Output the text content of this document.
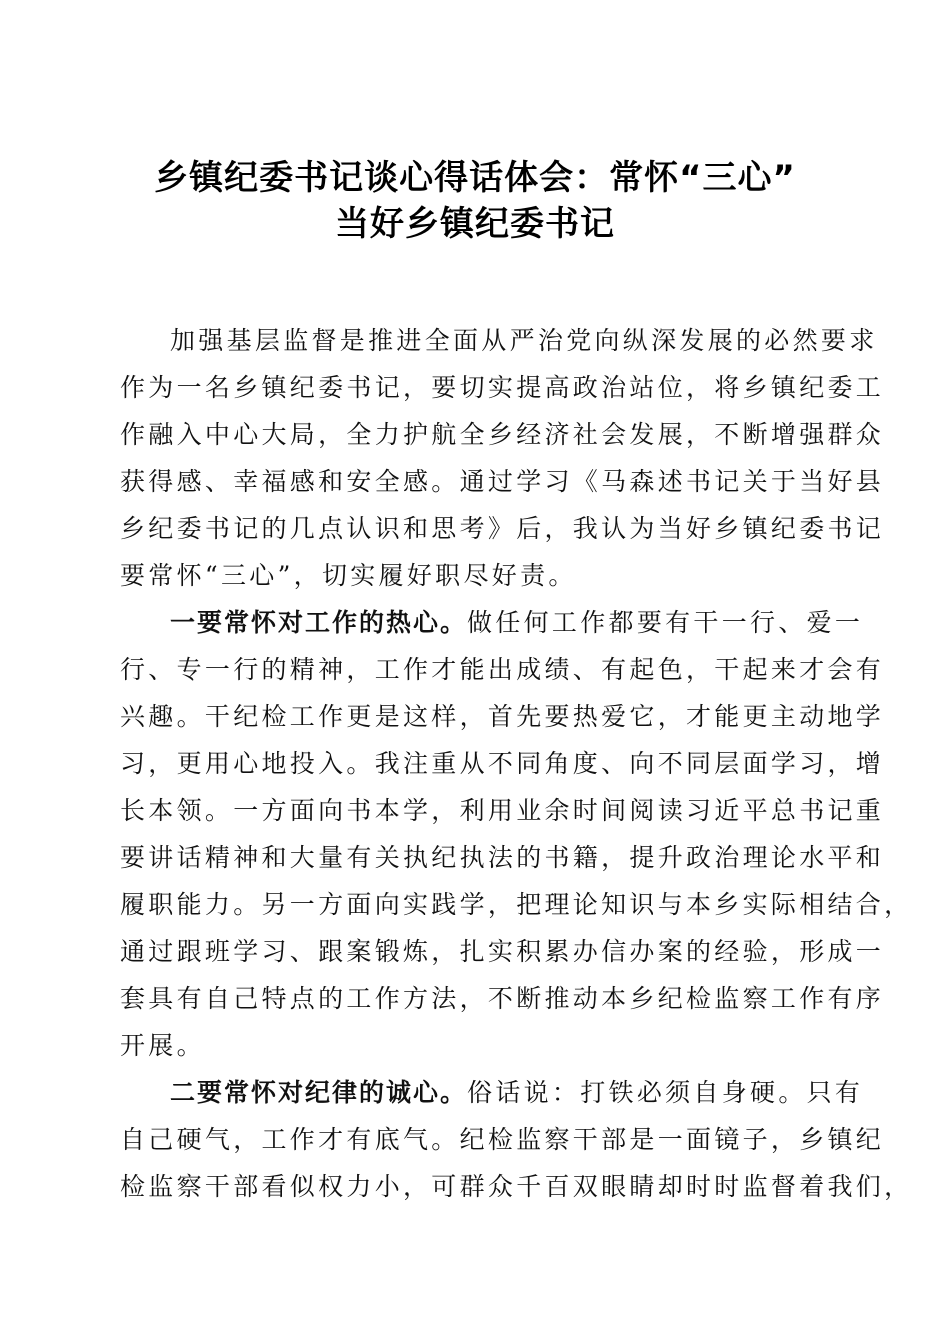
乡镇纪委书记谈心得话体会：常怀“三心”
当好乡镇纪委书记
加强基层监督是推进全面从严治党向纵深发展的必然要求
作为一名乡镇纪委书记，要切实提高政治站位，将乡镇纪委工
作融入中心大局，全力护航全乡经济社会发展，不断增强群众
获得感、幸福感和安全感。通过学习《马森述书记关于当好县
乡纪委书记的几点认识和思考》后，我认为当好乡镇纪委书记
要常怀“三心”，切实履好职尽好责。
一要常怀对工作的热心。做任何工作都要有干一行、爱一
行、专一行的精神，工作才能出成绩、有起色，干起来才会有
兴趣。干纪检工作更是这样，首先要热爱它，才能更主动地学
习，更用心地投入。我注重从不同角度、向不同层面学习，增
长本领。一方面向书本学，利用业余时间阅读习近平总书记重
要讲话精神和大量有关执纪执法的书籍，提升政治理论水平和
履职能力。另一方面向实践学，把理论知识与本乡实际相结合，
通过跟班学习、跟案锻炼，扎实积累办信办案的经验，形成一
套具有自己特点的工作方法，不断推动本乡纪检监察工作有序
开展。
二要常怀对纪律的诚心。俗话说：打铁必须自身硬。只有
自己硬气，工作才有底气。纪检监察干部是一面镜子，乡镇纪
检监察干部看似权力小，可群众千百双眼睛却时时监督着我们，
